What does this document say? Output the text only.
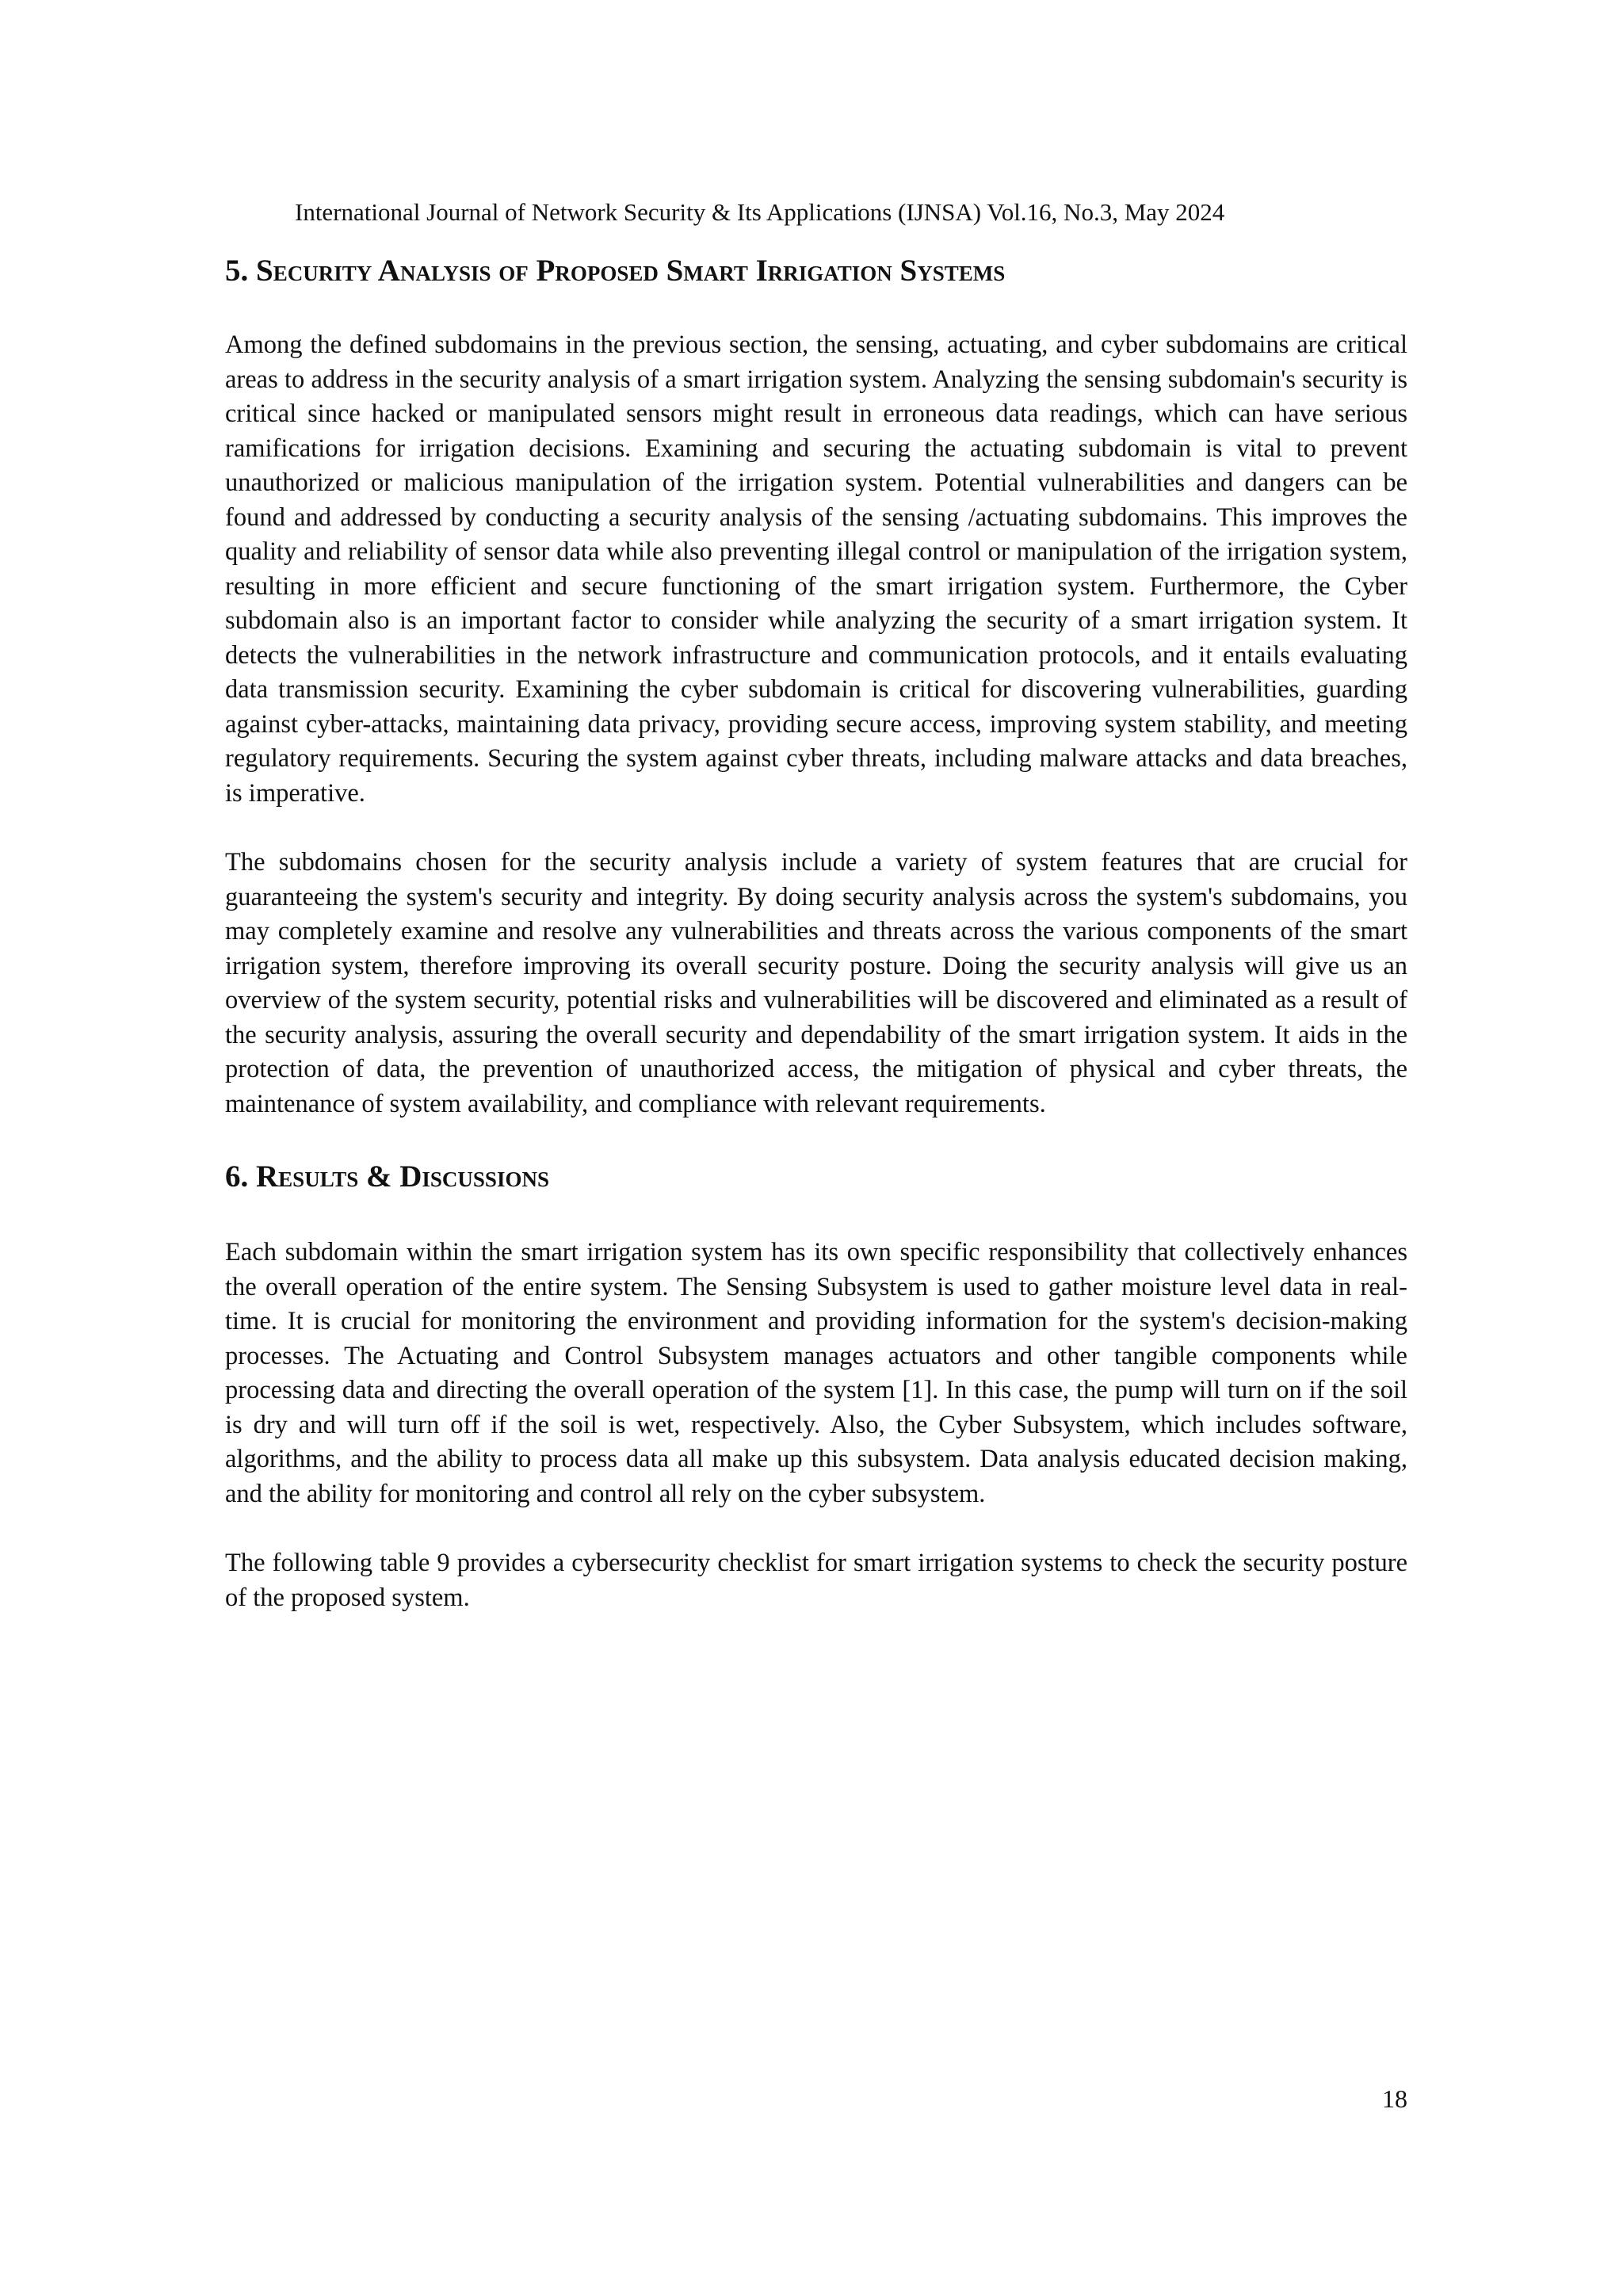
International Journal of Network Security & Its Applications (IJNSA) Vol.16, No.3, May 2024
5. Security Analysis of Proposed Smart Irrigation Systems

Among the defined subdomains in the previous section, the sensing, actuating, and cyber subdomains are critical areas to address in the security analysis of a smart irrigation system. Analyzing the sensing subdomain's security is critical since hacked or manipulated sensors might result in erroneous data readings, which can have serious ramifications for irrigation decisions. Examining and securing the actuating subdomain is vital to prevent unauthorized or malicious manipulation of the irrigation system. Potential vulnerabilities and dangers can be found and addressed by conducting a security analysis of the sensing /actuating subdomains. This improves the quality and reliability of sensor data while also preventing illegal control or manipulation of the irrigation system, resulting in more efficient and secure functioning of the smart irrigation system. Furthermore, the Cyber subdomain also is an important factor to consider while analyzing the security of a smart irrigation system. It detects the vulnerabilities in the network infrastructure and communication protocols, and it entails evaluating data transmission security. Examining the cyber subdomain is critical for discovering vulnerabilities, guarding against cyber-attacks, maintaining data privacy, providing secure access, improving system stability, and meeting regulatory requirements. Securing the system against cyber threats, including malware attacks and data breaches, is imperative.

The subdomains chosen for the security analysis include a variety of system features that are crucial for guaranteeing the system's security and integrity. By doing security analysis across the system's subdomains, you may completely examine and resolve any vulnerabilities and threats across the various components of the smart irrigation system, therefore improving its overall security posture. Doing the security analysis will give us an overview of the system security, potential risks and vulnerabilities will be discovered and eliminated as a result of the security analysis, assuring the overall security and dependability of the smart irrigation system. It aids in the protection of data, the prevention of unauthorized access, the mitigation of physical and cyber threats, the maintenance of system availability, and compliance with relevant requirements.

6. Results & Discussions

Each subdomain within the smart irrigation system has its own specific responsibility that collectively enhances the overall operation of the entire system. The Sensing Subsystem is used to gather moisture level data in real-time. It is crucial for monitoring the environment and providing information for the system's decision-making processes. The Actuating and Control Subsystem manages actuators and other tangible components while processing data and directing the overall operation of the system [1]. In this case, the pump will turn on if the soil is dry and will turn off if the soil is wet, respectively. Also, the Cyber Subsystem, which includes software, algorithms, and the ability to process data all make up this subsystem. Data analysis educated decision making, and the ability for monitoring and control all rely on the cyber subsystem.

The following table 9 provides a cybersecurity checklist for smart irrigation systems to check the security posture of the proposed system.

18
